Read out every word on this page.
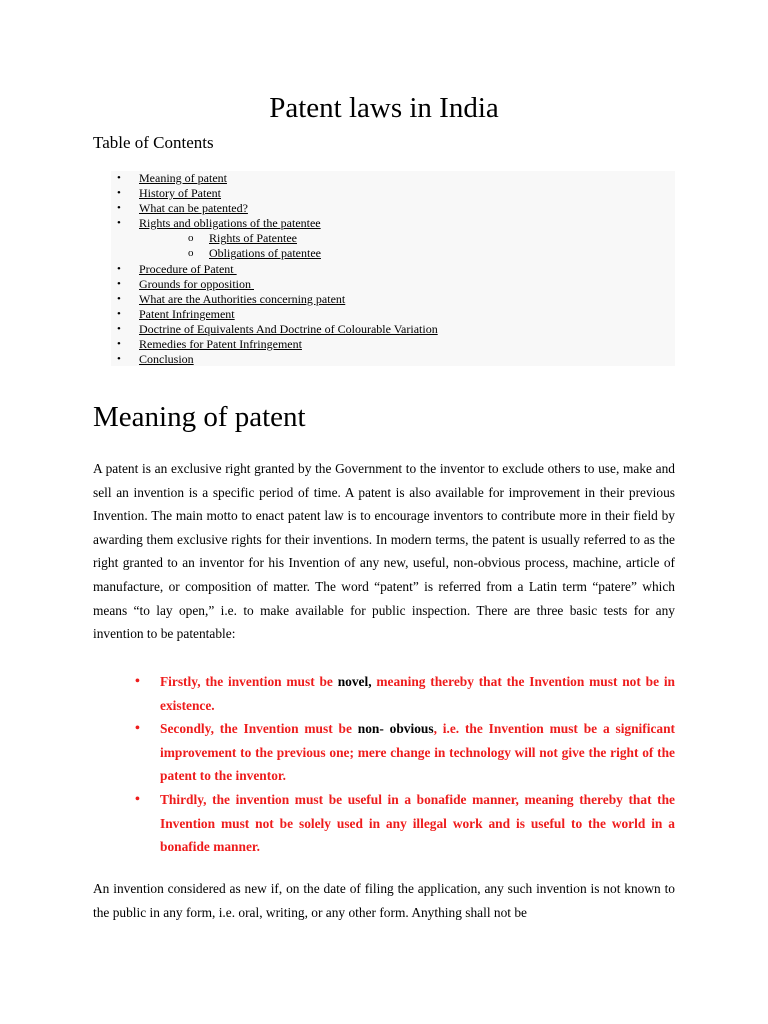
Patent laws in India
Table of Contents
• Meaning of patent
• History of Patent
• What can be patented?
• Rights and obligations of the patentee
o Rights of Patentee
o Obligations of patentee
• Procedure of Patent
• Grounds for opposition
• What are the Authorities concerning patent
• Patent Infringement
• Doctrine of Equivalents And Doctrine of Colourable Variation
• Remedies for Patent Infringement
• Conclusion
Meaning of patent

A patent is an exclusive right granted by the Government to the inventor to exclude others to use, make and sell an invention is a specific period of time. A patent is also available for improvement in their previous Invention. The main motto to enact patent law is to encourage inventors to contribute more in their field by awarding them exclusive rights for their inventions. In modern terms, the patent is usually referred to as the right granted to an inventor for his Invention of any new, useful, non-obvious process, machine, article of manufacture, or composition of matter. The word “patent” is referred from a Latin term “patere” which means “to lay open,” i.e. to make available for public inspection. There are three basic tests for any invention to be patentable:

• Firstly, the invention must be novel, meaning thereby that the Invention must not be in existence.
• Secondly, the Invention must be non- obvious, i.e. the Invention must be a significant improvement to the previous one; mere change in technology will not give the right of the patent to the inventor.
• Thirdly, the invention must be useful in a bonafide manner, meaning thereby that the Invention must not be solely used in any illegal work and is useful to the world in a bonafide manner.

An invention considered as new if, on the date of filing the application, any such invention is not known to the public in any form, i.e. oral, writing, or any other form. Anything shall not be
